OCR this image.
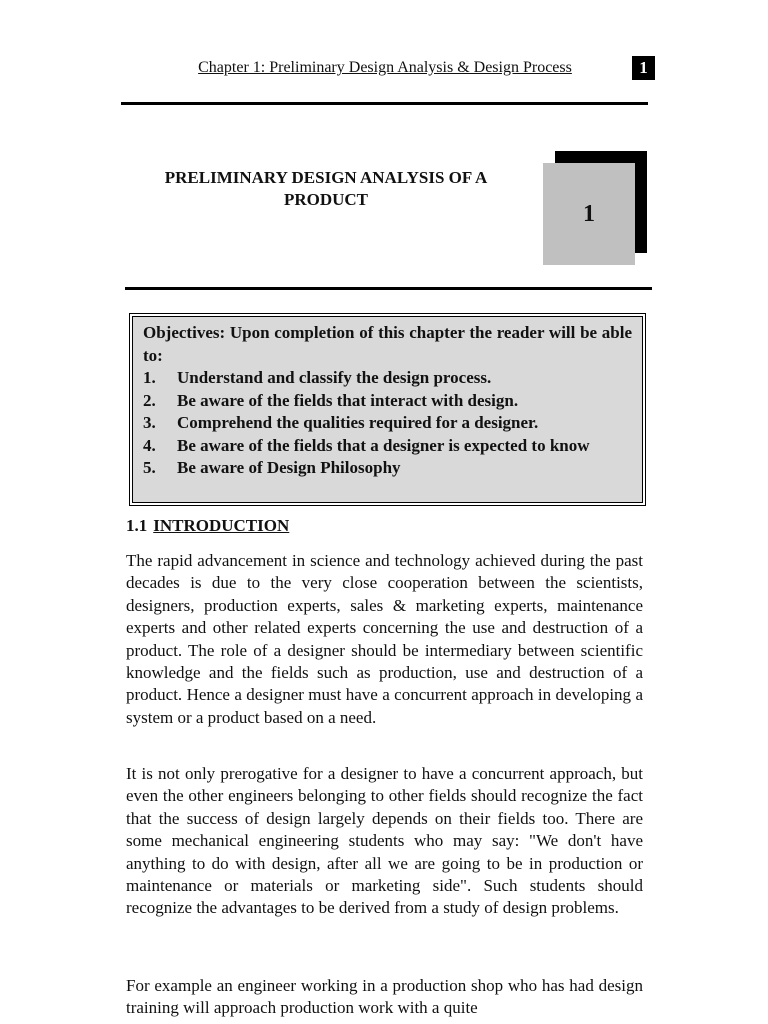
Chapter 1: Preliminary Design Analysis & Design Process	1
PRELIMINARY DESIGN ANALYSIS OF A
PRODUCT
1
Objectives: Upon completion of this chapter the reader will be able to:
1.	Understand and classify the design process.
2.	Be aware of the fields that interact with design.
3.	Comprehend the qualities required for a designer.
4.	Be aware of the fields that a designer is expected to know
5.	Be aware of Design Philosophy
1.1 INTRODUCTION

The rapid advancement in science and technology achieved during the past decades is due to the very close cooperation between the scientists, designers, production experts, sales & marketing experts, maintenance experts and other related experts concerning the use and destruction of a product. The role of a designer should be intermediary between scientific knowledge and the fields such as production, use and destruction of a product. Hence a designer must have a concurrent approach in developing a system or a product based on a need.

It is not only prerogative for a designer to have a concurrent approach, but even the other engineers belonging to other fields should recognize the fact that the success of design largely depends on their fields too. There are some mechanical engineering students who may say: "We don't have anything to do with design, after all we are going to be in production or maintenance or materials or marketing side". Such students should recognize the advantages to be derived from a study of design problems.

For example an engineer working in a production shop who has had design training will approach production work with a quite
